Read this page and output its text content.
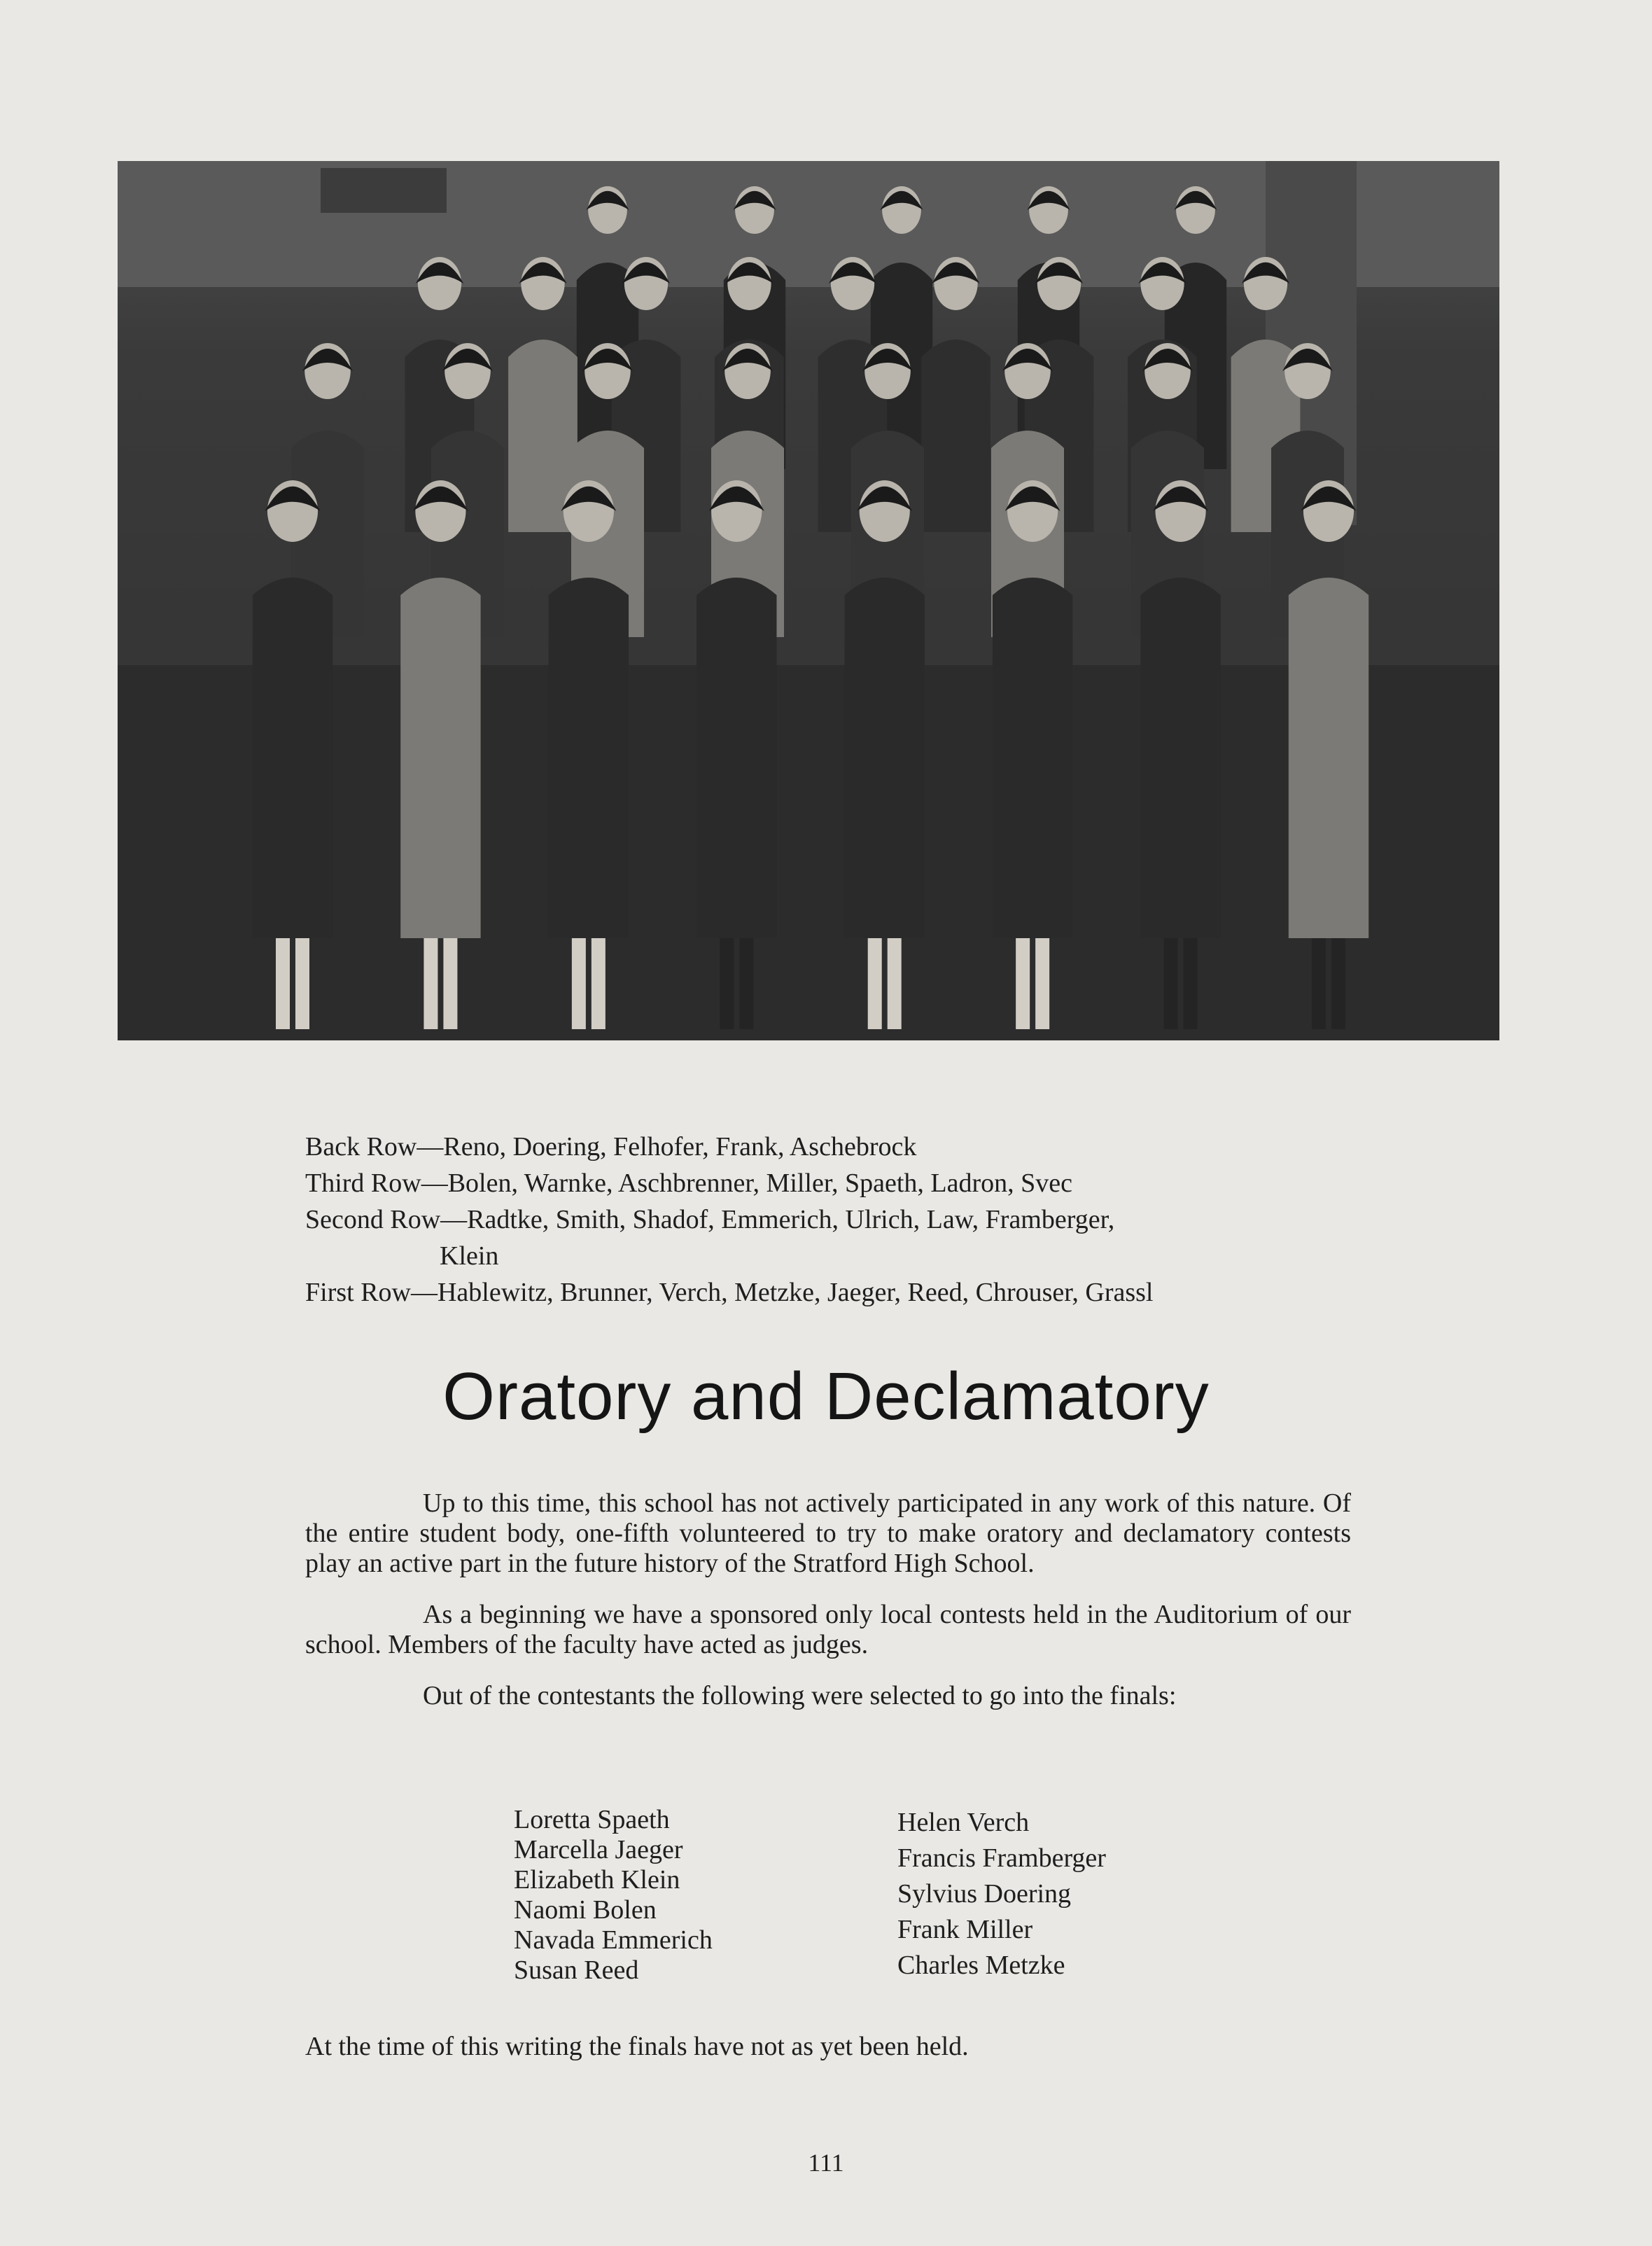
Back Row—Reno, Doering, Felhofer, Frank, Aschebrock
Third Row—Bolen, Warnke, Aschbrenner, Miller, Spaeth, Ladron, Svec
Second Row—Radtke, Smith, Shadof, Emmerich, Ulrich, Law, Framberger,
Klein
First Row—Hablewitz, Brunner, Verch, Metzke, Jaeger, Reed, Chrouser, Grassl
Oratory and Declamatory

Up to this time, this school has not actively participated in any work of this nature. Of the entire student body, one-fifth volunteered to try to make oratory and declamatory contests play an active part in the future history of the Stratford High School.

As a beginning we have a sponsored only local contests held in the Auditorium of our school. Members of the faculty have acted as judges.

Out of the contestants the following were selected to go into the finals:

Loretta Spaeth
Marcella Jaeger
Elizabeth Klein
Naomi Bolen
Navada Emmerich
Susan Reed
Helen Verch
Francis Framberger
Sylvius Doering
Frank Miller
Charles Metzke
At the time of this writing the finals have not as yet been held.
111
